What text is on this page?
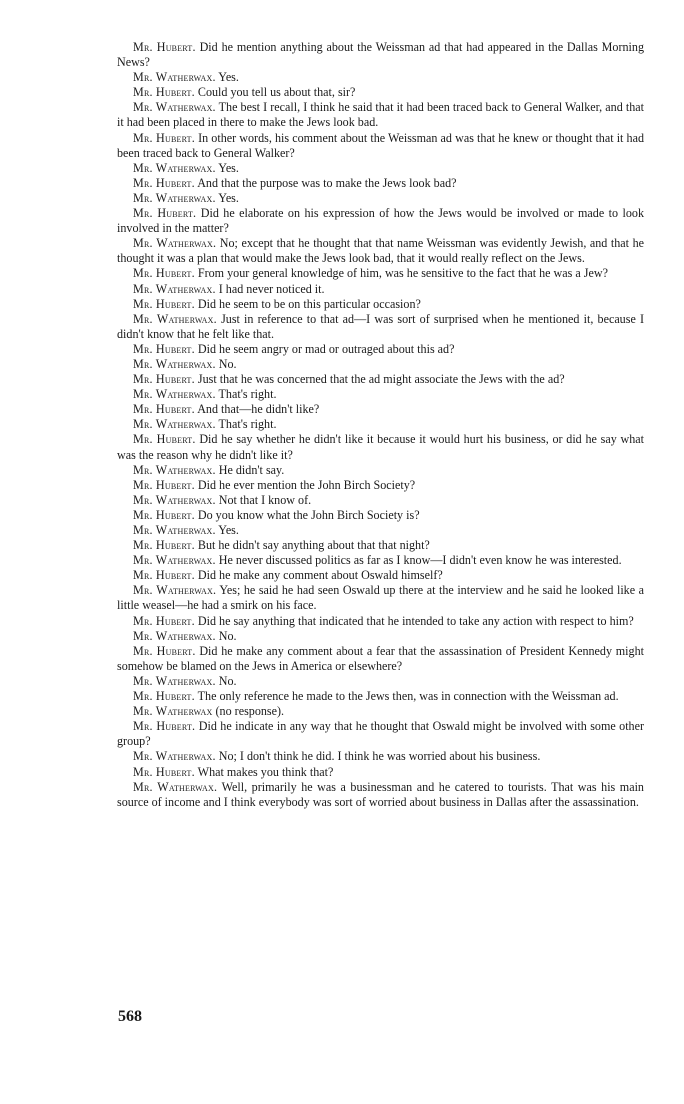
Mr. Hubert. Did he mention anything about the Weissman ad that had appeared in the Dallas Morning News?

Mr. Watherwax. Yes.

Mr. Hubert. Could you tell us about that, sir?

Mr. Watherwax. The best I recall, I think he said that it had been traced back to General Walker, and that it had been placed in there to make the Jews look bad.

Mr. Hubert. In other words, his comment about the Weissman ad was that he knew or thought that it had been traced back to General Walker?

Mr. Watherwax. Yes.

Mr. Hubert. And that the purpose was to make the Jews look bad?

Mr. Watherwax. Yes.

Mr. Hubert. Did he elaborate on his expression of how the Jews would be involved or made to look involved in the matter?

Mr. Watherwax. No; except that he thought that that name Weissman was evidently Jewish, and that he thought it was a plan that would make the Jews look bad, that it would really reflect on the Jews.

Mr. Hubert. From your general knowledge of him, was he sensitive to the fact that he was a Jew?

Mr. Watherwax. I had never noticed it.

Mr. Hubert. Did he seem to be on this particular occasion?

Mr. Watherwax. Just in reference to that ad—I was sort of surprised when he mentioned it, because I didn't know that he felt like that.

Mr. Hubert. Did he seem angry or mad or outraged about this ad?

Mr. Watherwax. No.

Mr. Hubert. Just that he was concerned that the ad might associate the Jews with the ad?

Mr. Watherwax. That's right.

Mr. Hubert. And that—he didn't like?

Mr. Watherwax. That's right.

Mr. Hubert. Did he say whether he didn't like it because it would hurt his business, or did he say what was the reason why he didn't like it?

Mr. Watherwax. He didn't say.

Mr. Hubert. Did he ever mention the John Birch Society?

Mr. Watherwax. Not that I know of.

Mr. Hubert. Do you know what the John Birch Society is?

Mr. Watherwax. Yes.

Mr. Hubert. But he didn't say anything about that that night?

Mr. Watherwax. He never discussed politics as far as I know—I didn't even know he was interested.

Mr. Hubert. Did he make any comment about Oswald himself?

Mr. Watherwax. Yes; he said he had seen Oswald up there at the interview and he said he looked like a little weasel—he had a smirk on his face.

Mr. Hubert. Did he say anything that indicated that he intended to take any action with respect to him?

Mr. Watherwax. No.

Mr. Hubert. Did he make any comment about a fear that the assassination of President Kennedy might somehow be blamed on the Jews in America or elsewhere?

Mr. Watherwax. No.

Mr. Hubert. The only reference he made to the Jews then, was in connection with the Weissman ad.

Mr. Watherwax (no response).

Mr. Hubert. Did he indicate in any way that he thought that Oswald might be involved with some other group?

Mr. Watherwax. No; I don't think he did. I think he was worried about his business.

Mr. Hubert. What makes you think that?

Mr. Watherwax. Well, primarily he was a businessman and he catered to tourists. That was his main source of income and I think everybody was sort of worried about business in Dallas after the assassination.

568
